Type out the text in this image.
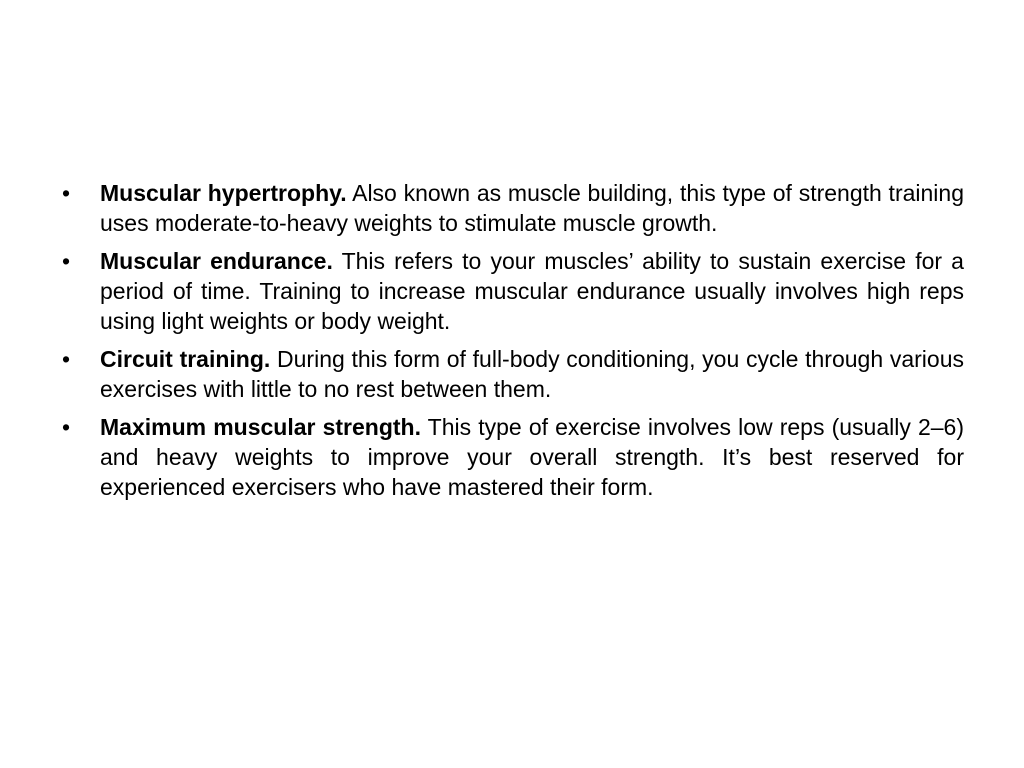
•	Muscular hypertrophy. Also known as muscle building, this type of strength training uses moderate-to-heavy weights to stimulate muscle growth.
•	Muscular endurance. This refers to your muscles’ ability to sustain exercise for a period of time. Training to increase muscular endurance usually involves high reps using light weights or body weight.
•	Circuit training. During this form of full-body conditioning, you cycle through various exercises with little to no rest between them.
•	Maximum muscular strength. This type of exercise involves low reps (usually 2–6) and heavy weights to improve your overall strength. It’s best reserved for experienced exercisers who have mastered their form.
